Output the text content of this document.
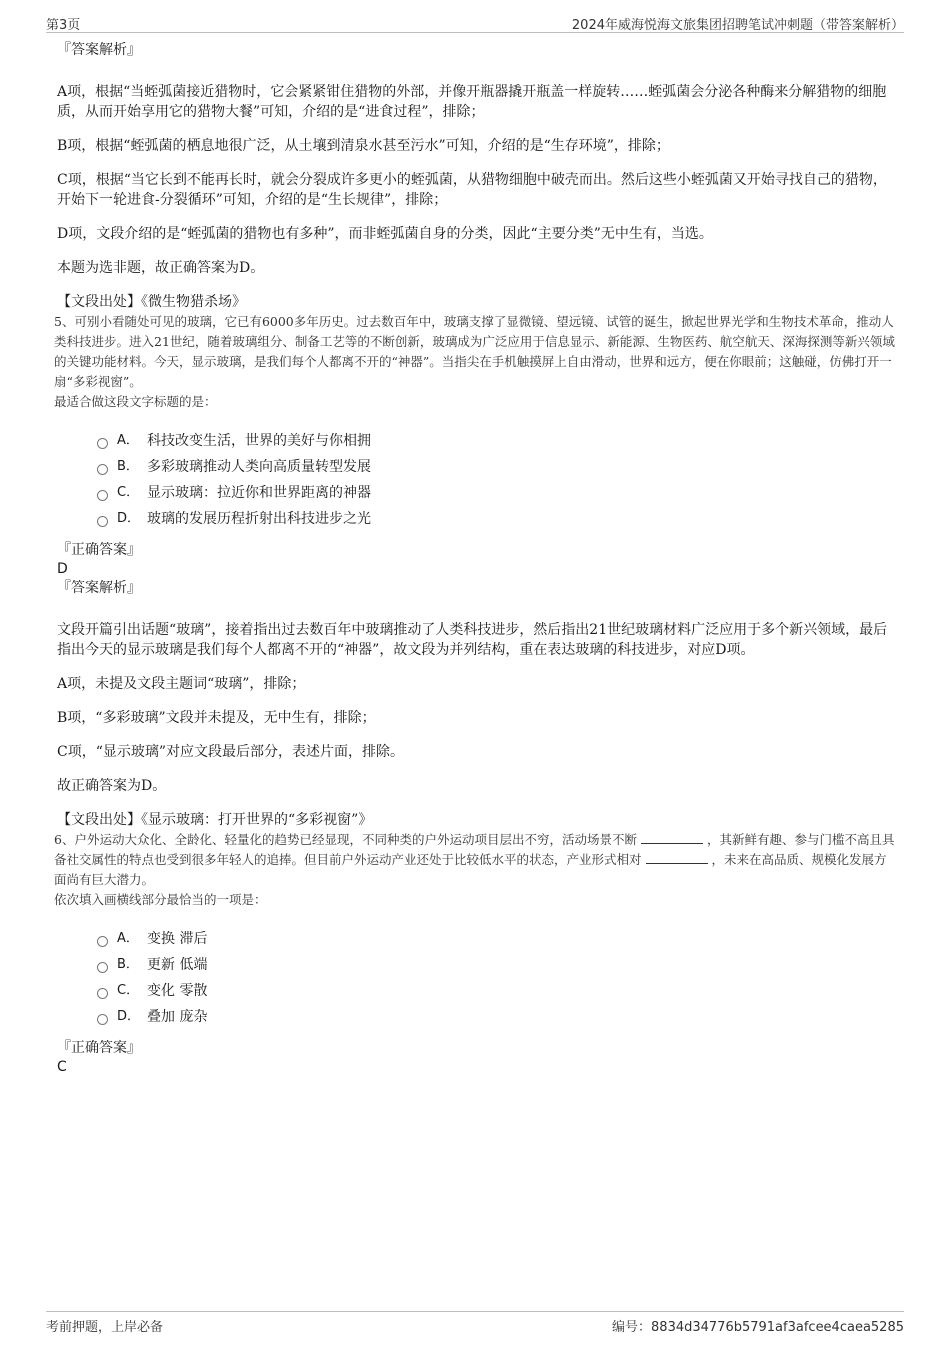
第3页	2024年威海悦海文旅集团招聘笔试冲刺题（带答案解析）

『答案解析』

A项，根据“当蛭弧菌接近猎物时，它会紧紧钳住猎物的外部，并像开瓶器撬开瓶盖一样旋转……蛭弧菌会分泌各种酶来分解猎物的细胞质，从而开始享用它的猎物大餐”可知，介绍的是“进食过程”，排除；

B项，根据“蛭弧菌的栖息地很广泛，从土壤到清泉水甚至污水”可知，介绍的是“生存环境”，排除；

C项，根据“当它长到不能再长时，就会分裂成许多更小的蛭弧菌，从猎物细胞中破壳而出。然后这些小蛭弧菌又开始寻找自己的猎物，开始下一轮进食-分裂循环”可知，介绍的是“生长规律”，排除；

D项，文段介绍的是“蛭弧菌的猎物也有多种”，而非蛭弧菌自身的分类，因此“主要分类”无中生有，当选。

本题为选非题，故正确答案为D。

【文段出处】《微生物猎杀场》

5、可别小看随处可见的玻璃，它已有6000多年历史。过去数百年中，玻璃支撑了显微镜、望远镜、试管的诞生，掀起世界光学和生物技术革命，推动人类科技进步。进入21世纪，随着玻璃组分、制备工艺等的不断创新，玻璃成为广泛应用于信息显示、新能源、生物医药、航空航天、深海探测等新兴领域的关键功能材料。今天，显示玻璃，是我们每个人都离不开的“神器”。当指尖在手机触摸屏上自由滑动，世界和远方，便在你眼前；这触碰，仿佛打开一扇“多彩视窗”。

最适合做这段文字标题的是：

A． 科技改变生活，世界的美好与你相拥
B． 多彩玻璃推动人类向高质量转型发展
C． 显示玻璃：拉近你和世界距离的神器
D． 玻璃的发展历程折射出科技进步之光

『正确答案』

D

『答案解析』

文段开篇引出话题“玻璃”，接着指出过去数百年中玻璃推动了人类科技进步，然后指出21世纪玻璃材料广泛应用于多个新兴领域，最后指出今天的显示玻璃是我们每个人都离不开的“神器”，故文段为并列结构，重在表达玻璃的科技进步，对应D项。

A项，未提及文段主题词“玻璃”，排除；

B项，“多彩玻璃”文段并未提及，无中生有，排除；

C项，“显示玻璃”对应文段最后部分，表述片面，排除。

故正确答案为D。

【文段出处】《显示玻璃：打开世界的“多彩视窗”》

6、户外运动大众化、全龄化、轻量化的趋势已经显现，不同种类的户外运动项目层出不穷，活动场景不断	，其新鲜有趣、参与门槛不高且具备社交属性的特点也受到很多年轻人的追捧。但目前户外运动产业还处于比较低水平的状态，产业形式相对	，未来在高品质、规模化发展方面尚有巨大潜力。

依次填入画横线部分最恰当的一项是：

A． 变换 滞后
B． 更新 低端
C． 变化 零散
D． 叠加 庞杂

『正确答案』

C

考前押题，上岸必备	编号：8834d34776b5791af3afcee4caea5285
